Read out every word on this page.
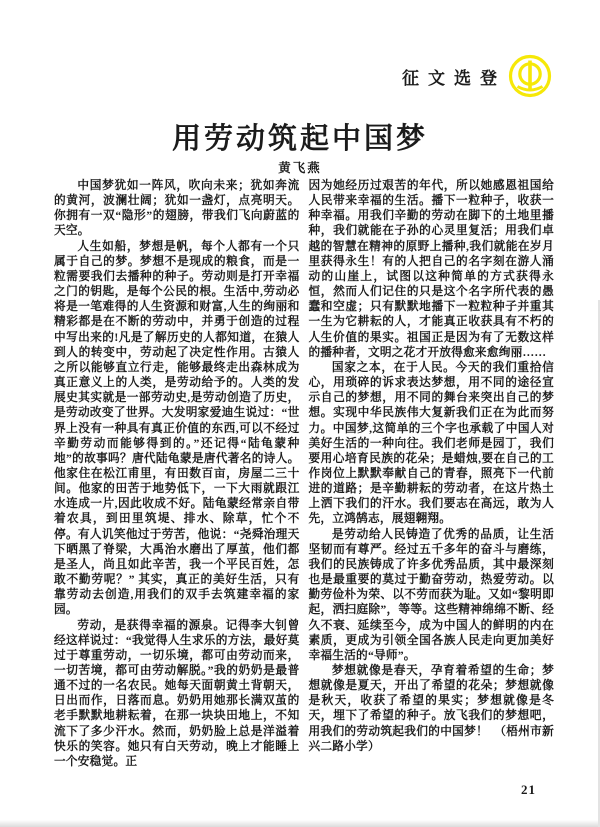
征文选登
用劳动筑起中国梦
黄飞燕

中国梦犹如一阵风，吹向未来；犹如奔流的黄河，波澜壮阔；犹如一盏灯，点亮明天。你拥有一双“隐形”的翅膀，带我们飞向蔚蓝的天空。

人生如船，梦想是帆，每个人都有一个只属于自己的梦。梦想不是现成的粮食，而是一粒需要我们去播种的种子。劳动则是打开幸福之门的钥匙，是每个公民的根。生活中,劳动必将是一笔难得的人生资源和财富,人生的绚丽和精彩都是在不断的劳动中，并勇于创造的过程中写出来的!凡是了解历史的人都知道，在猿人到人的转变中，劳动起了决定性作用。古猿人之所以能够直立行走，能够最终走出森林成为真正意义上的人类，是劳动给予的。人类的发展史其实就是一部劳动史,是劳动创造了历史，是劳动改变了世界。大发明家爱迪生说过：“世界上没有一种具有真正价值的东西,可以不经过辛勤劳动而能够得到的。”还记得“陆龟蒙种地”的故事吗？唐代陆龟蒙是唐代著名的诗人。他家住在松江甫里，有田数百亩，房屋二三十间。他家的田苦于地势低下，一下大雨就跟江水连成一片,因此收成不好。陆龟蒙经常亲自带着农具，到田里筑堤、排水、除草，忙个不停。有人讥笑他过于劳苦，他说：“尧舜治理天下晒黑了脊梁，大禹治水磨出了厚茧，他们都是圣人，尚且如此辛苦，我一个平民百姓，怎敢不勤劳呢？” 其实，真正的美好生活，只有靠劳动去创造,用我们的双手去筑建幸福的家园。

劳动，是获得幸福的源泉。记得李大钊曾经这样说过：“我觉得人生求乐的方法，最好莫过于尊重劳动，一切乐境，都可由劳动而来，一切苦境，都可由劳动解脱。”我的奶奶是最普通不过的一名农民。她每天面朝黄土背朝天，日出而作，日落而息。奶奶用她那长满双茧的老手默默地耕耘着，在那一块块田地上，不知流下了多少汗水。然而，奶奶脸上总是洋溢着快乐的笑容。她只有白天劳动，晚上才能睡上一个安稳觉。正

因为她经历过艰苦的年代，所以她感恩祖国给人民带来幸福的生活。播下一粒种子，收获一种幸福。用我们辛勤的劳动在脚下的土地里播种，我们就能在子孙的心灵里复活；用我们卓越的智慧在精神的原野上播种,我们就能在岁月里获得永生！有的人把自己的名字刻在游人涌动的山崖上，试图以这种简单的方式获得永恒，然而人们记住的只是这个名字所代表的愚蠢和空虚；只有默默地播下一粒粒种子并重其一生为它耕耘的人，才能真正收获具有不朽的人生价值的果实。祖国正是因为有了无数这样的播种者，文明之花才开放得愈来愈绚丽……

国家之本，在于人民。今天的我们重拾信心，用琐碎的诉求表达梦想，用不同的途径宣示自己的梦想，用不同的舞台来突出自己的梦想。实现中华民族伟大复新我们正在为此而努力。中国梦,这简单的三个字也承载了中国人对美好生活的一种向往。我们老师是园丁，我们要用心培育民族的花朵；是蜡烛,要在自己的工作岗位上默默奉献自己的青春，照亮下一代前进的道路；是辛勤耕耘的劳动者，在这片热土上洒下我们的汗水。我们要志在高远，敢为人先，立鸿鹄志，展翅翱翔。

是劳动给人民铸造了优秀的品质，让生活坚韧而有尊严。经过五千多年的奋斗与磨练，我们的民族铸成了许多优秀品质，其中最深刻也是最重要的莫过于勤奋劳动，热爱劳动。以勤劳俭朴为荣、以不劳而获为耻。又如“黎明即起，洒扫庭除”，等等。这些精神绵绵不断、经久不衰、延续至今，成为中国人的鲜明的内在素质，更成为引领全国各族人民走向更加美好幸福生活的“导师”。

梦想就像是春天，孕育着希望的生命；梦想就像是夏天，开出了希望的花朵；梦想就像是秋天，收获了希望的果实；梦想就像是冬天，埋下了希望的种子。放飞我们的梦想吧，用我们的劳动筑起我们的中国梦！　（梧州市新兴二路小学）

21
